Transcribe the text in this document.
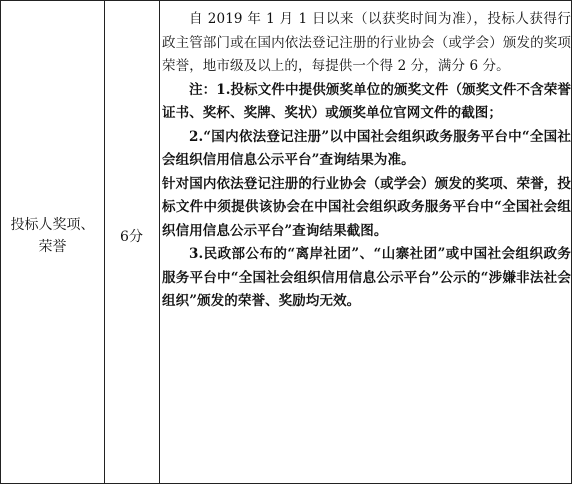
投标人奖项、荣誉
6分

自 2019 年 1 月 1 日以来（以获奖时间为准），投标人获得行政主管部门或在国内依法登记注册的行业协会（或学会）颁发的奖项荣誉，地市级及以上的，每提供一个得 2 分，满分 6 分。

注：1.投标文件中提供颁奖单位的颁奖文件（颁奖文件不含荣誉证书、奖杯、奖牌、奖状）或颁奖单位官网文件的截图；

2.“国内依法登记注册”以中国社会组织政务服务平台中“全国社会组织信用信息公示平台”查询结果为准。

针对国内依法登记注册的行业协会（或学会）颁发的奖项、荣誉，投标文件中须提供该协会在中国社会组织政务服务平台中“全国社会组织信用信息公示平台”查询结果截图。

3.民政部公布的“离岸社团”、“山寨社团”或中国社会组织政务服务平台中“全国社会组织信用信息公示平台”公示的“涉嫌非法社会组织”颁发的荣誉、奖励均无效。
